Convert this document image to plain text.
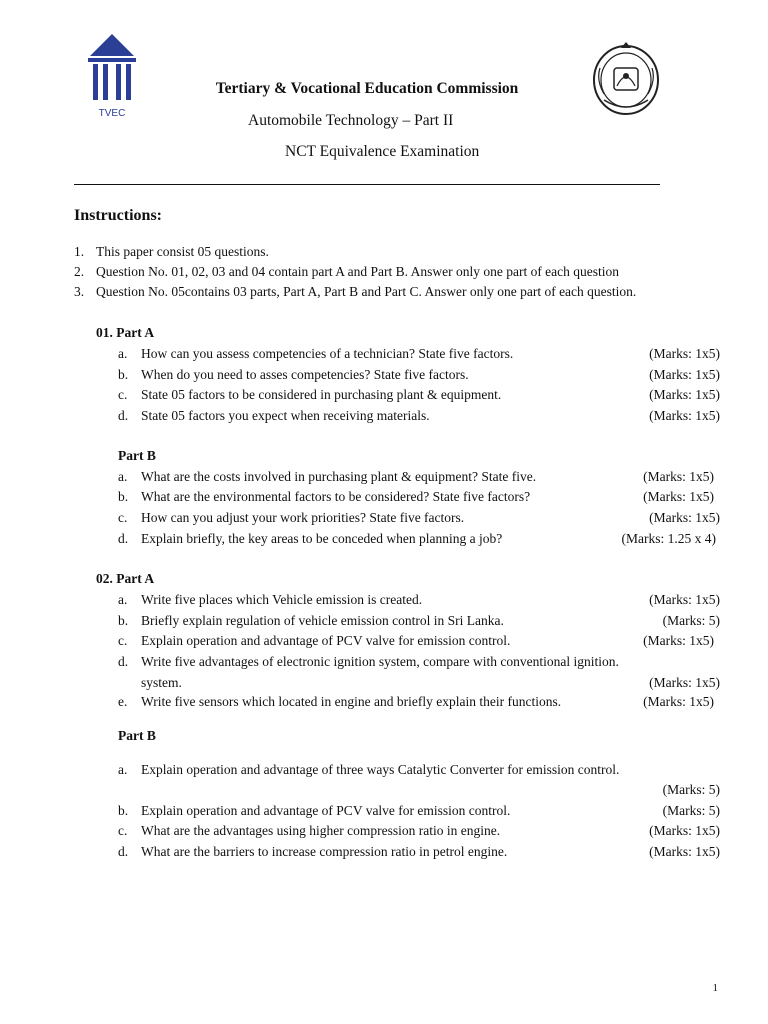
TVEC
Tertiary & Vocational Education Commission
Automobile Technology – Part II
NCT Equivalence Examination
Instructions:
1. This paper consist 05 questions.
2. Question No. 01, 02, 03 and 04 contain part A and Part B. Answer only one part of each question
3. Question No. 05contains 03 parts, Part A, Part B and Part C. Answer only one part of each question.
01. Part A
a. How can you assess competencies of a technician? State five factors.	(Marks: 1x5)
b. When do you need to asses competencies? State five factors.	(Marks: 1x5)
c. State 05 factors to be considered in purchasing plant & equipment.	(Marks: 1x5)
d. State 05 factors you expect when receiving materials.	(Marks: 1x5)
Part B
a. What are the costs involved in purchasing plant & equipment? State five.	(Marks: 1x5)
b. What are the environmental factors to be considered? State five factors?	(Marks: 1x5)
c. How can you adjust your work priorities? State five factors.	(Marks: 1x5)
d. Explain briefly, the key areas to be conceded when planning a job?	(Marks: 1.25 x 4)
02. Part A
a. Write five places which Vehicle emission is created.	(Marks: 1x5)
b. Briefly explain regulation of vehicle emission control in Sri Lanka.	(Marks: 5)
c. Explain operation and advantage of PCV valve for emission control.	(Marks: 1x5)
d. Write five advantages of electronic ignition system, compare with conventional ignition.
system.	(Marks: 1x5)
e. Write five sensors which located in engine and briefly explain their functions.	(Marks: 1x5)
Part B
a. Explain operation and advantage of three ways Catalytic Converter for emission control.
(Marks: 5)
b. Explain operation and advantage of PCV valve for emission control.	(Marks: 5)
c. What are the advantages using higher compression ratio in engine.	(Marks: 1x5)
d. What are the barriers to increase compression ratio in petrol engine.	(Marks: 1x5)
1
